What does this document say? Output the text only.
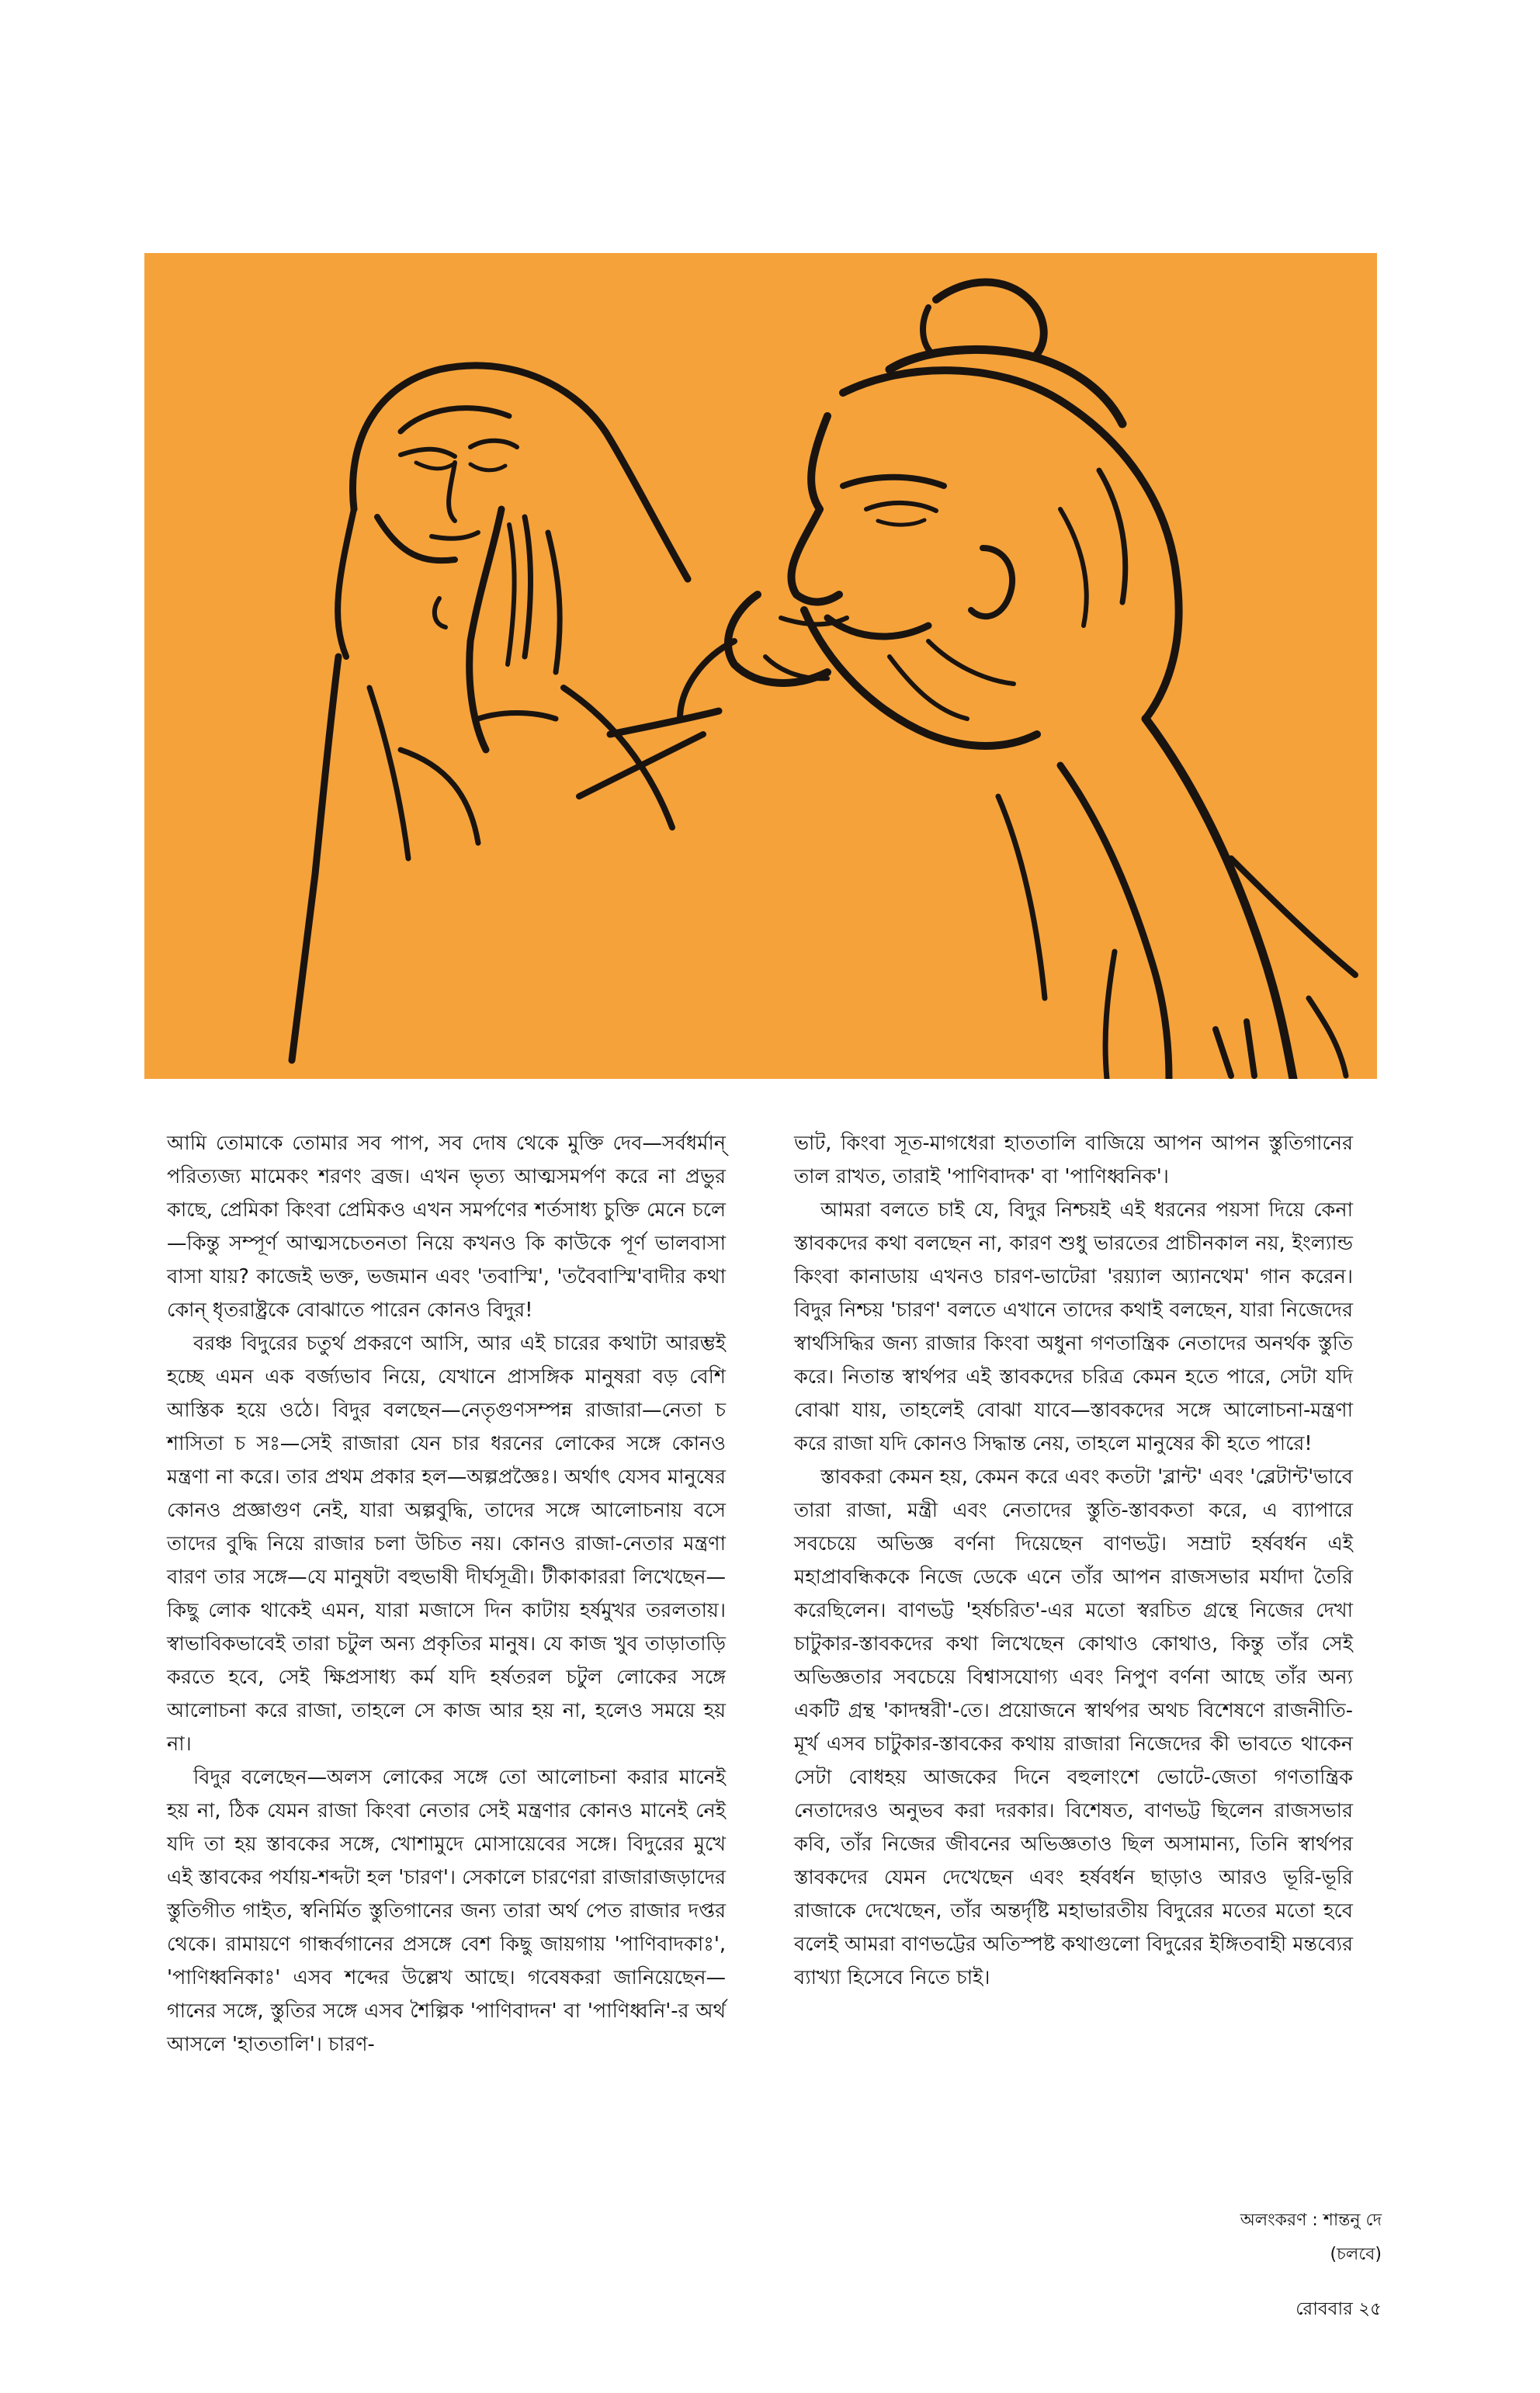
আমি তোমাকে তোমার সব পাপ, সব দোষ থেকে মুক্তি দেব—সর্বধর্মান্‌ পরিত্যজ্য মামেকং শরণং ব্রজ। এখন ভৃত্য আত্মসমর্পণ করে না প্রভুর কাছে, প্রেমিকা কিংবা প্রেমিকও এখন সমর্পণের শর্তসাধ্য চুক্তি মেনে চলে—কিন্তু সম্পূর্ণ আত্মসচেতনতা নিয়ে কখনও কি কাউকে পূর্ণ ভালবাসা বাসা যায়? কাজেই ভক্ত, ভজমান এবং 'তবাস্মি', 'তবৈবাস্মি'বাদীর কথা কোন্‌ ধৃতরাষ্ট্রকে বোঝাতে পারেন কোনও বিদুর!

বরঞ্চ বিদুরের চতুর্থ প্রকরণে আসি, আর এই চারের কথাটা আরম্ভই হচ্ছে এমন এক বর্জ্যভাব নিয়ে, যেখানে প্রাসঙ্গিক মানুষরা বড় বেশি আস্তিক হয়ে ওঠে। বিদুর বলছেন—নেতৃগুণসম্পন্ন রাজারা—নেতা চ শাসিতা চ সঃ—সেই রাজারা যেন চার ধরনের লোকের সঙ্গে কোনও মন্ত্রণা না করে। তার প্রথম প্রকার হল—অল্পপ্রজ্ঞৈঃ। অর্থাৎ যেসব মানুষের কোনও প্রজ্ঞাগুণ নেই, যারা অল্পবুদ্ধি, তাদের সঙ্গে আলোচনায় বসে তাদের বুদ্ধি নিয়ে রাজার চলা উচিত নয়। কোনও রাজা-নেতার মন্ত্রণা বারণ তার সঙ্গে—যে মানুষটা বহুভাষী দীর্ঘসূত্রী। টীকাকাররা লিখেছেন—কিছু লোক থাকেই এমন, যারা মজাসে দিন কাটায় হর্ষমুখর তরলতায়। স্বাভাবিকভাবেই তারা চটুল অন্য প্রকৃতির মানুষ। যে কাজ খুব তাড়াতাড়ি করতে হবে, সেই ক্ষিপ্রসাধ্য কর্ম যদি হর্ষতরল চটুল লোকের সঙ্গে আলোচনা করে রাজা, তাহলে সে কাজ আর হয় না, হলেও সময়ে হয় না।

বিদুর বলেছেন—অলস লোকের সঙ্গে তো আলোচনা করার মানেই হয় না, ঠিক যেমন রাজা কিংবা নেতার সেই মন্ত্রণার কোনও মানেই নেই যদি তা হয় স্তাবকের সঙ্গে, খোশামুদে মোসায়েবের সঙ্গে। বিদুরের মুখে এই স্তাবকের পর্যায়-শব্দটা হল 'চারণ'। সেকালে চারণেরা রাজারাজড়াদের স্তুতিগীত গাইত, স্বনির্মিত স্তুতিগানের জন্য তারা অর্থ পেত রাজার দপ্তর থেকে। রামায়ণে গান্ধর্বগানের প্রসঙ্গে বেশ কিছু জায়গায় 'পাণিবাদকাঃ', 'পাণিধ্বনিকাঃ' এসব শব্দের উল্লেখ আছে। গবেষকরা জানিয়েছেন—গানের সঙ্গে, স্তুতির সঙ্গে এসব শৈল্পিক 'পাণিবাদন' বা 'পাণিধ্বনি'-র অর্থ আসলে 'হাততালি'। চারণ-

ভাট, কিংবা সূত-মাগধেরা হাততালি বাজিয়ে আপন আপন স্তুতিগানের তাল রাখত, তারাই 'পাণিবাদক' বা 'পাণিধ্বনিক'।

আমরা বলতে চাই যে, বিদুর নিশ্চয়ই এই ধরনের পয়সা দিয়ে কেনা স্তাবকদের কথা বলছেন না, কারণ শুধু ভারতের প্রাচীনকাল নয়, ইংল্যান্ড কিংবা কানাডায় এখনও চারণ-ভাটেরা 'রয়্যাল অ্যানথেম' গান করেন। বিদুর নিশ্চয় 'চারণ' বলতে এখানে তাদের কথাই বলছেন, যারা নিজেদের স্বার্থসিদ্ধির জন্য রাজার কিংবা অধুনা গণতান্ত্রিক নেতাদের অনর্থক স্তুতি করে। নিতান্ত স্বার্থপর এই স্তাবকদের চরিত্র কেমন হতে পারে, সেটা যদি বোঝা যায়, তাহলেই বোঝা যাবে—স্তাবকদের সঙ্গে আলোচনা-মন্ত্রণা করে রাজা যদি কোনও সিদ্ধান্ত নেয়, তাহলে মানুষের কী হতে পারে!

স্তাবকরা কেমন হয়, কেমন করে এবং কতটা 'ব্লান্ট' এবং 'ব্লেটান্ট'ভাবে তারা রাজা, মন্ত্রী এবং নেতাদের স্তুতি-স্তাবকতা করে, এ ব্যাপারে সবচেয়ে অভিজ্ঞ বর্ণনা দিয়েছেন বাণভট্ট। সম্রাট হর্ষবর্ধন এই মহাপ্রাবন্ধিককে নিজে ডেকে এনে তাঁর আপন রাজসভার মর্যাদা তৈরি করেছিলেন। বাণভট্ট 'হর্ষচরিত'-এর মতো স্বরচিত গ্রন্থে নিজের দেখা চাটুকার-স্তাবকদের কথা লিখেছেন কোথাও কোথাও, কিন্তু তাঁর সেই অভিজ্ঞতার সবচেয়ে বিশ্বাসযোগ্য এবং নিপুণ বর্ণনা আছে তাঁর অন্য একটি গ্রন্থ 'কাদম্বরী'-তে। প্রয়োজনে স্বার্থপর অথচ বিশেষণে রাজনীতি-মূর্খ এসব চাটুকার-স্তাবকের কথায় রাজারা নিজেদের কী ভাবতে থাকেন সেটা বোধহয় আজকের দিনে বহুলাংশে ভোটে-জেতা গণতান্ত্রিক নেতাদেরও অনুভব করা দরকার। বিশেষত, বাণভট্ট ছিলেন রাজসভার কবি, তাঁর নিজের জীবনের অভিজ্ঞতাও ছিল অসামান্য, তিনি স্বার্থপর স্তাবকদের যেমন দেখেছেন এবং হর্ষবর্ধন ছাড়াও আরও ভূরি-ভূরি রাজাকে দেখেছেন, তাঁর অন্তর্দৃষ্টি মহাভারতীয় বিদুরের মতের মতো হবে বলেই আমরা বাণভট্টের অতিস্পষ্ট কথাগুলো বিদুরের ইঙ্গিতবাহী মন্তব্যের ব্যাখ্যা হিসেবে নিতে চাই।

অলংকরণ : শান্তনু দে
(চলবে)
রোববার ২৫
